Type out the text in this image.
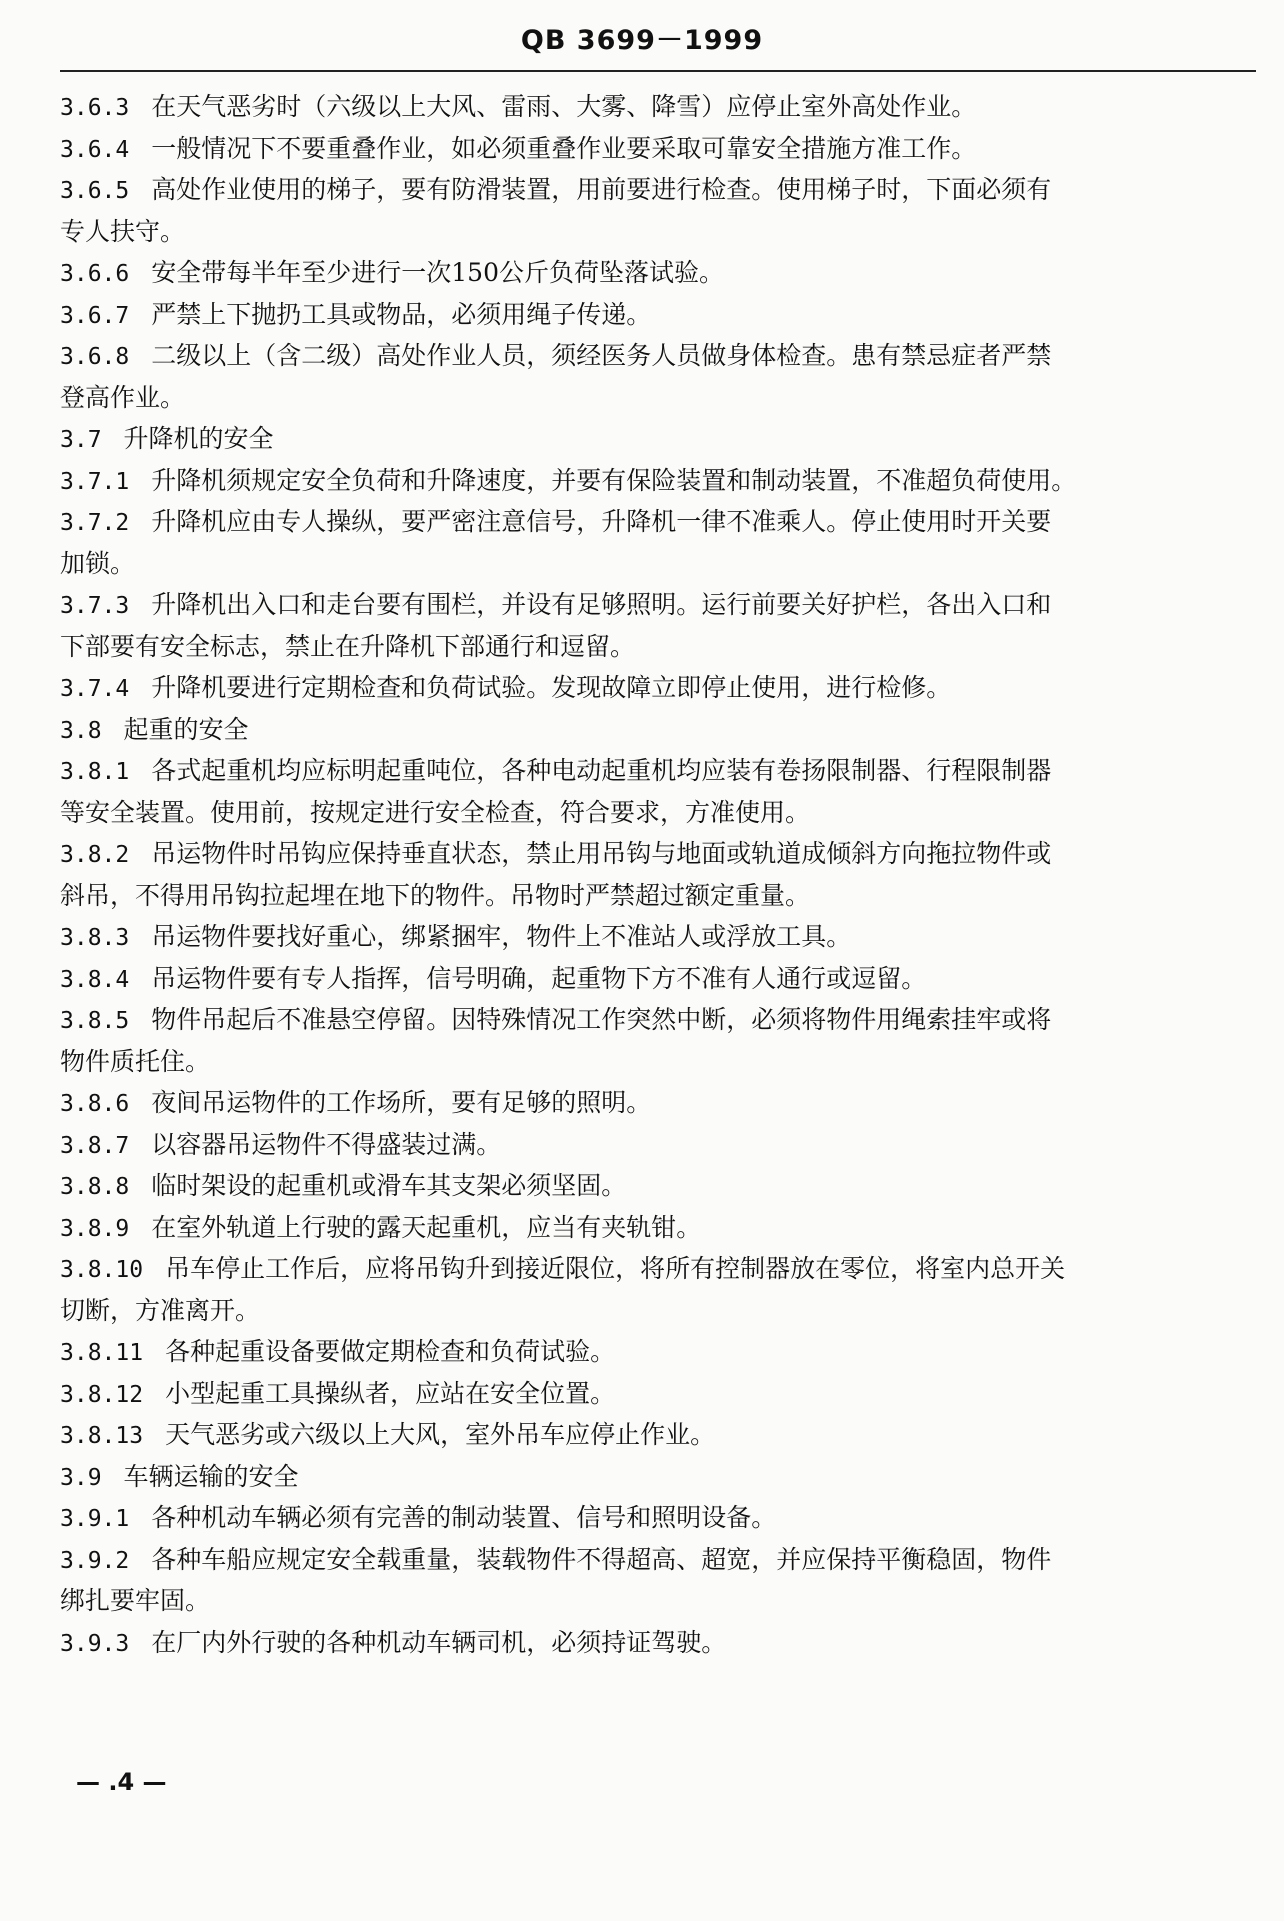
QB 3699－1999
3.6.3 在天气恶劣时（六级以上大风、雷雨、大雾、降雪）应停止室外高处作业。
3.6.4 一般情况下不要重叠作业，如必须重叠作业要采取可靠安全措施方准工作。
3.6.5 高处作业使用的梯子，要有防滑装置，用前要进行检查。使用梯子时，下面必须有
专人扶守。
3.6.6 安全带每半年至少进行一次150公斤负荷坠落试验。
3.6.7 严禁上下抛扔工具或物品，必须用绳子传递。
3.6.8 二级以上（含二级）高处作业人员，须经医务人员做身体检查。患有禁忌症者严禁
登高作业。
3.7 升降机的安全
3.7.1 升降机须规定安全负荷和升降速度，并要有保险装置和制动装置，不准超负荷使用。
3.7.2 升降机应由专人操纵，要严密注意信号，升降机一律不准乘人。停止使用时开关要
加锁。
3.7.3 升降机出入口和走台要有围栏，并设有足够照明。运行前要关好护栏，各出入口和
下部要有安全标志，禁止在升降机下部通行和逗留。
3.7.4 升降机要进行定期检查和负荷试验。发现故障立即停止使用，进行检修。
3.8 起重的安全
3.8.1 各式起重机均应标明起重吨位，各种电动起重机均应装有卷扬限制器、行程限制器
等安全装置。使用前，按规定进行安全检查，符合要求，方准使用。
3.8.2 吊运物件时吊钩应保持垂直状态，禁止用吊钩与地面或轨道成倾斜方向拖拉物件或
斜吊，不得用吊钩拉起埋在地下的物件。吊物时严禁超过额定重量。
3.8.3 吊运物件要找好重心，绑紧捆牢，物件上不准站人或浮放工具。
3.8.4 吊运物件要有专人指挥，信号明确，起重物下方不准有人通行或逗留。
3.8.5 物件吊起后不准悬空停留。因特殊情况工作突然中断，必须将物件用绳索挂牢或将
物件质托住。
3.8.6 夜间吊运物件的工作场所，要有足够的照明。
3.8.7 以容器吊运物件不得盛装过满。
3.8.8 临时架设的起重机或滑车其支架必须坚固。
3.8.9 在室外轨道上行驶的露天起重机，应当有夹轨钳。
3.8.10 吊车停止工作后，应将吊钩升到接近限位，将所有控制器放在零位，将室内总开关
切断，方准离开。
3.8.11 各种起重设备要做定期检查和负荷试验。
3.8.12 小型起重工具操纵者，应站在安全位置。
3.8.13 天气恶劣或六级以上大风，室外吊车应停止作业。
3.9 车辆运输的安全
3.9.1 各种机动车辆必须有完善的制动装置、信号和照明设备。
3.9.2 各种车船应规定安全载重量，装载物件不得超高、超宽，并应保持平衡稳固，物件
绑扎要牢固。
3.9.3 在厂内外行驶的各种机动车辆司机，必须持证驾驶。
— .4 —
